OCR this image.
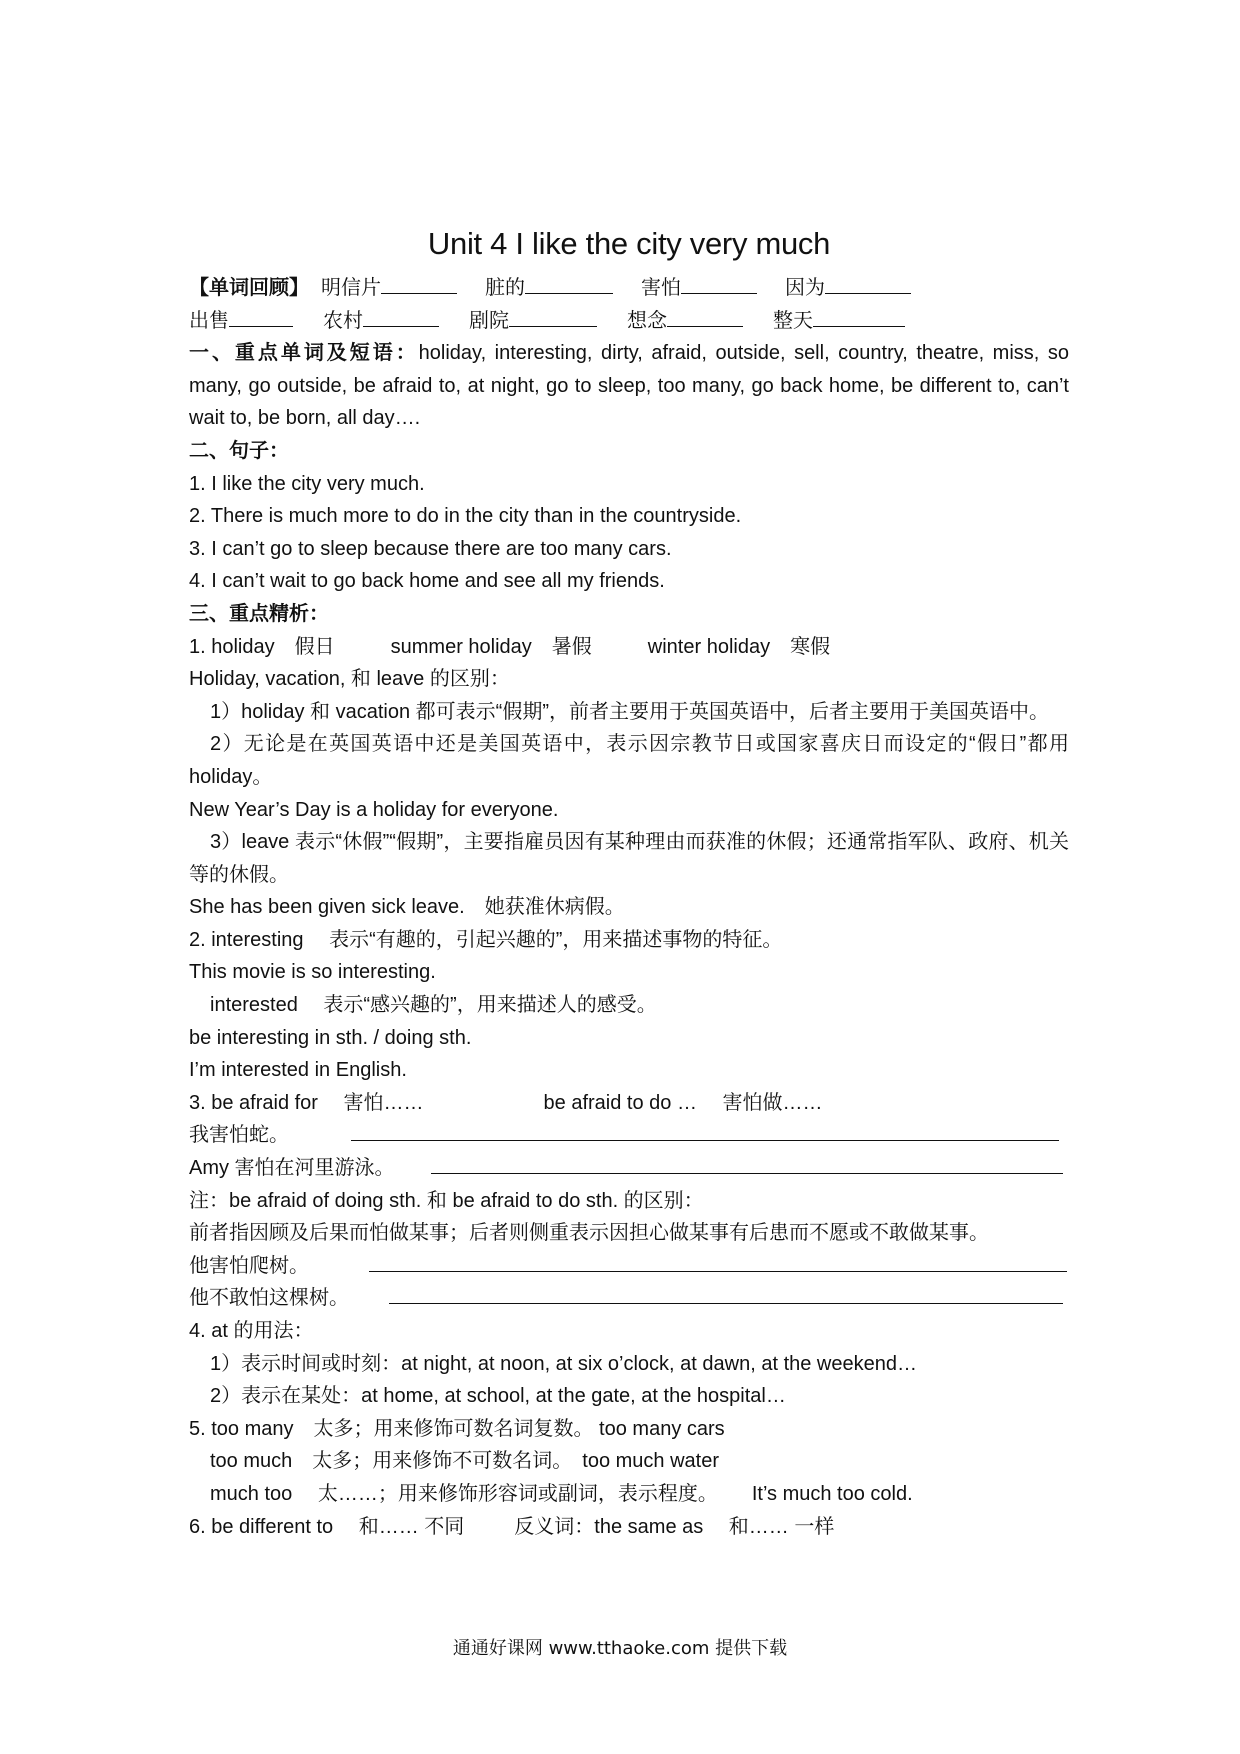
Unit 4 I like the city very much
【单词回顾】 明信片	脏的	害怕	因为
出售	农村	剧院	想念	整天
一、重点单词及短语：holiday, interesting, dirty, afraid, outside, sell, country, theatre, miss, so many, go outside, be afraid to, at night, go to sleep, too many, go back home, be different to, can’t wait to, be born, all day….
二、句子：
1. I like the city very much.
2. There is much more to do in the city than in the countryside.
3. I can’t go to sleep because there are too many cars.
4. I can’t wait to go back home and see all my friends.
三、重点精析：
1. holiday　假日	summer holiday　暑假	winter holiday　寒假
Holiday, vacation, 和 leave 的区别：
1）holiday 和 vacation 都可表示“假期”，前者主要用于英国英语中，后者主要用于美国英语中。
2）无论是在英国英语中还是美国英语中，表示因宗教节日或国家喜庆日而设定的“假日”都用 holiday。
New Year’s Day is a holiday for everyone.
3）leave 表示“休假”“假期”，主要指雇员因有某种理由而获准的休假；还通常指军队、政府、机关等的休假。
She has been given sick leave.　她获准休病假。
2. interesting　 表示“有趣的，引起兴趣的”，用来描述事物的特征。
This movie is so interesting.
interested　 表示“感兴趣的”，用来描述人的感受。
be interesting in sth. / doing sth.
I’m interested in English.
3. be afraid for　 害怕……	be afraid to do …　 害怕做……
我害怕蛇。
Amy 害怕在河里游泳。
注：be afraid of doing sth. 和 be afraid to do sth. 的区别：
前者指因顾及后果而怕做某事；后者则侧重表示因担心做某事有后患而不愿或不敢做某事。
他害怕爬树。
他不敢怕这棵树。
4. at 的用法：
1）表示时间或时刻：at night, at noon, at six o’clock, at dawn, at the weekend…
2）表示在某处：at home, at school, at the gate, at the hospital…
5. too many　太多；用来修饰可数名词复数。 too many cars
too much　太多；用来修饰不可数名词。　too much water
much too　 太……；用来修饰形容词或副词，表示程度。 It’s much too cold.
6. be different to　 和…… 不同	反义词：the same as　 和…… 一样
通通好课网 www.tthaoke.com 提供下载
